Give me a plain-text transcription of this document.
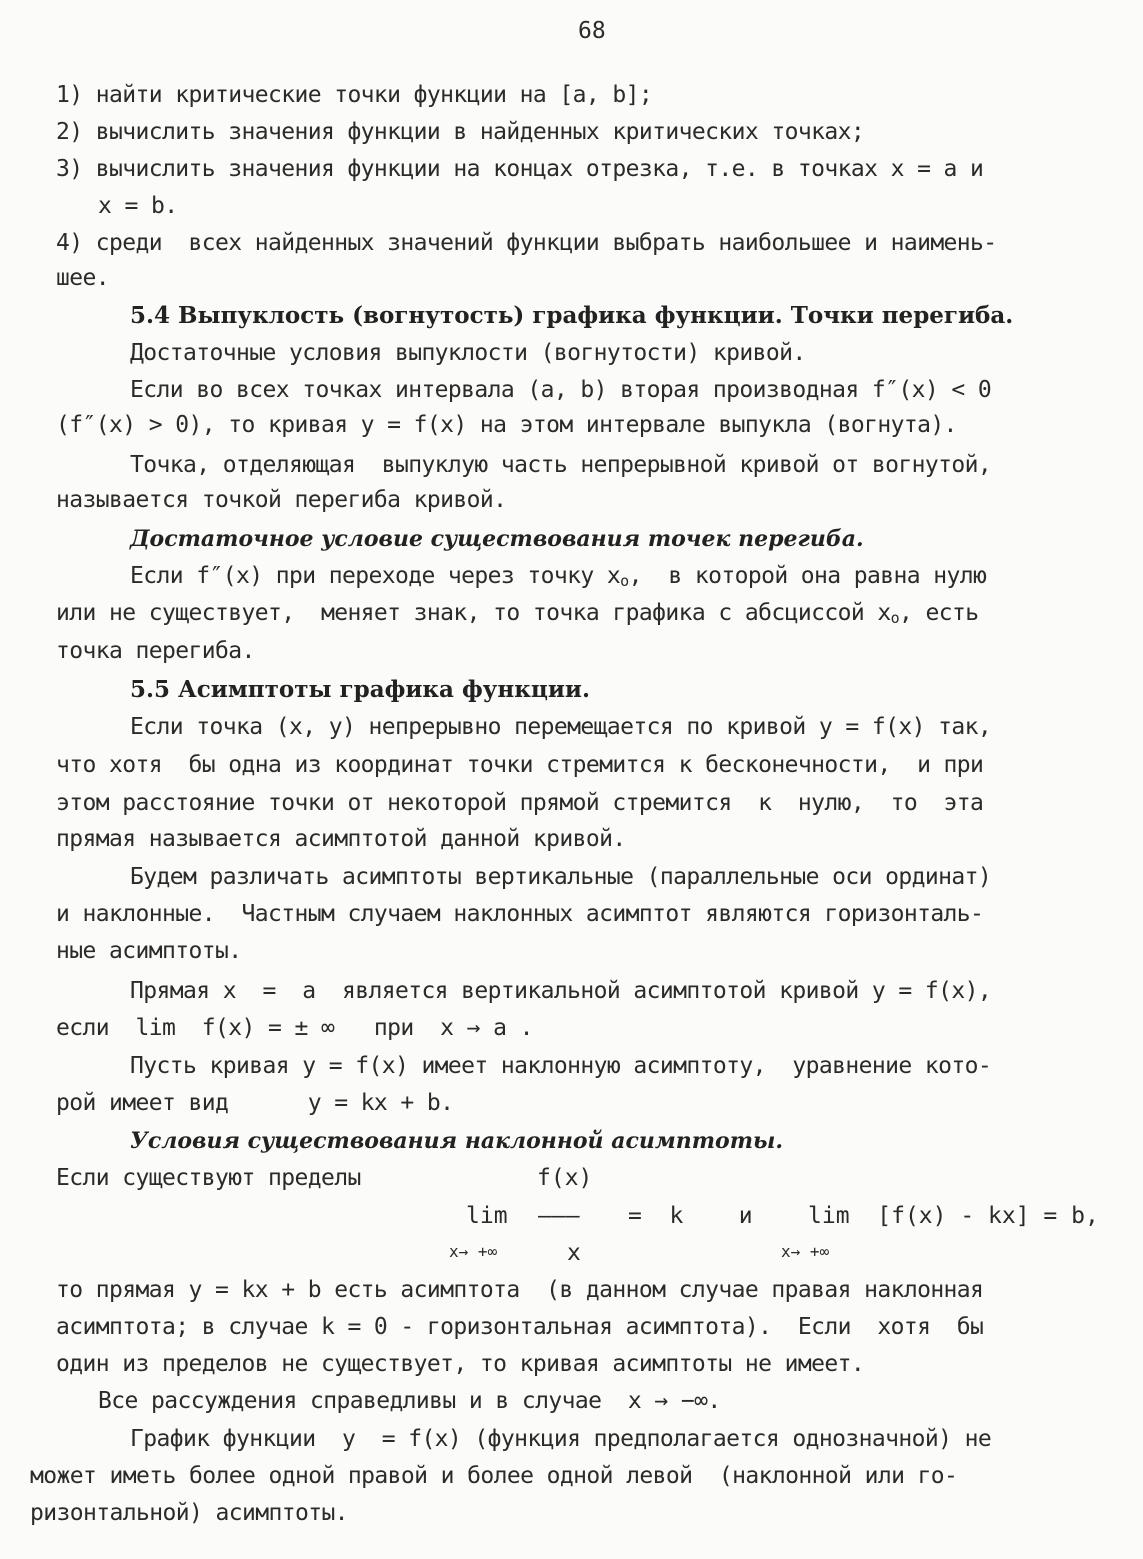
68
1) найти критические точки функции на [a, b];
2) вычислить значения функции в найденных критических точках;
3) вычислить значения функции на концах отрезка, т.е. в точках x = a и
x = b.
4) среди  всех найденных значений функции выбрать наибольшее и наимень-
шее.
5.4 Выпуклость (вогнутость) графика функции. Точки перегиба.
Достаточные условия выпуклости (вогнутости) кривой.
Если во всех точках интервала (a, b) вторая производная f″(x) < 0
(f″(x) > 0), то кривая y = f(x) на этом интервале выпукла (вогнута).
Точка, отделяющая  выпуклую часть непрерывной кривой от вогнутой,
называется точкой перегиба кривой.
Достаточное условие существования точек перегиба.
Если f″(x) при переходе через точку $x_o$,  в которой она равна нулю
или не существует,  меняет знак, то точка графика с абсциссой $x_o$, есть
точка перегиба.
5.5 Асимптоты графика функции.
Если точка (x, y) непрерывно перемещается по кривой y = f(x) так,
что хотя  бы одна из координат точки стремится к бесконечности,  и при
этом расстояние точки от некоторой прямой стремится  к  нулю,  то  эта
прямая называется асимптотой данной кривой.
Будем различать асимптоты вертикальные (параллельные оси ординат)
и наклонные.  Частным случаем наклонных асимптот являются горизонталь-
ные асимптоты.
Прямая x  =  a  является вертикальной асимптотой кривой y = f(x),
если  lim  f(x) = ± ∞   при  x → a .
Пусть кривая y = f(x) имеет наклонную асимптоту,  уравнение кото-
рой имеет вид      y = kx + b.
Условия существования наклонной асимптоты.
Если существуют пределы	f(x)
lim ——— =  k    и    lim  [f(x) - kx] = b,
x→ +∞	x	x→ +∞
то прямая y = kx + b есть асимптота  (в данном случае правая наклонная
асимптота; в случае k = 0 - горизонтальная асимптота).  Если  хотя  бы
один из пределов не существует, то кривая асимптоты не имеет.
Все рассуждения справедливы и в случае  x → −∞.
График функции  y  = f(x) (функция предполагается однозначной) не
может иметь более одной правой и более одной левой  (наклонной или го-
ризонтальной) асимптоты.
